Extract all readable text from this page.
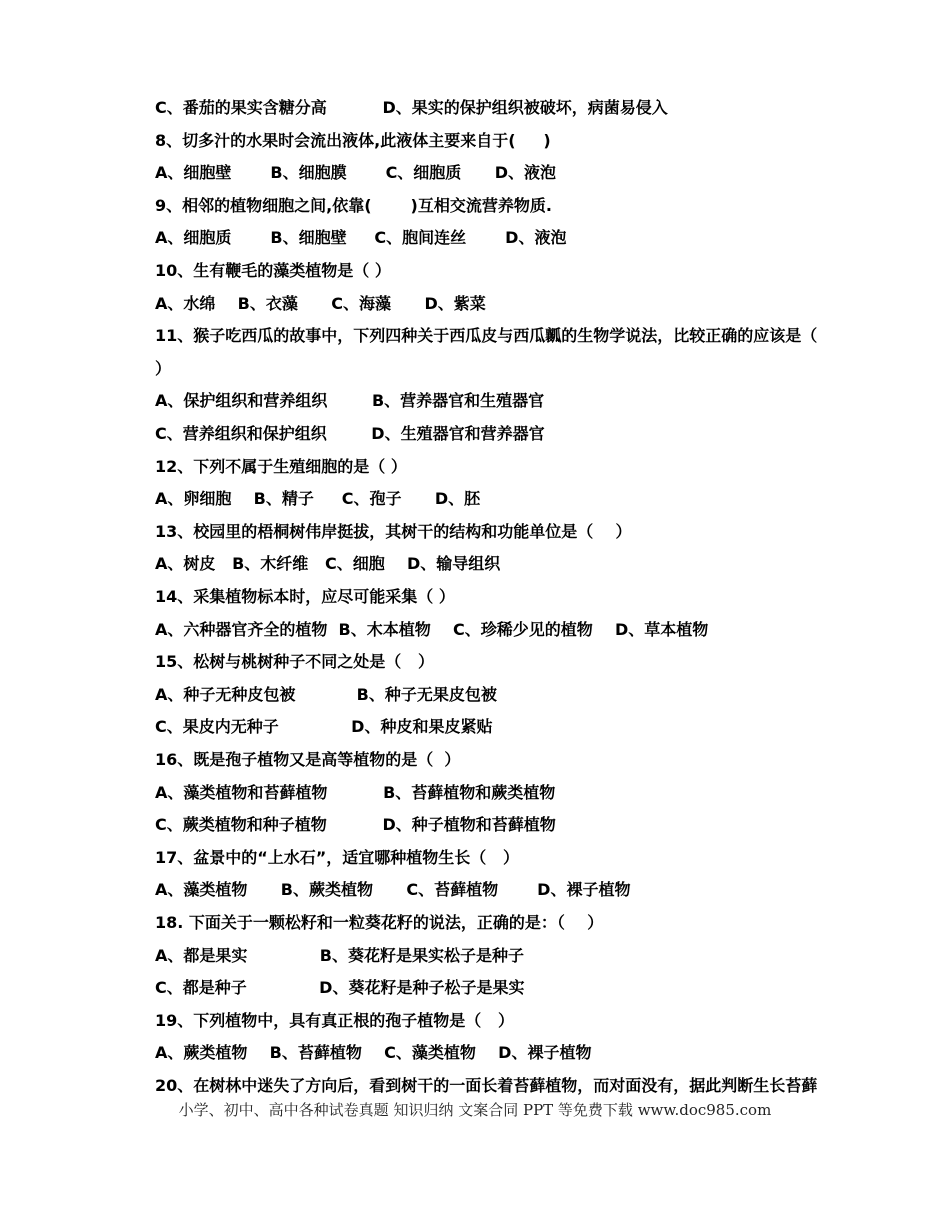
C、番茄的果实含糖分高          D、果实的保护组织被破坏，病菌易侵入
8、切多汁的水果时会流出液体,此液体主要来自于(     )
A、细胞壁       B、细胞膜       C、细胞质      D、液泡
9、相邻的植物细胞之间,依靠(       )互相交流营养物质.
A、细胞质       B、细胞壁     C、胞间连丝       D、液泡
10、生有鞭毛的藻类植物是（ ）
A、水绵    B、衣藻      C、海藻      D、紫菜
11、猴子吃西瓜的故事中，下列四种关于西瓜皮与西瓜瓤的生物学说法，比较正确的应该是（
）
A、保护组织和营养组织        B、营养器官和生殖器官
C、营养组织和保护组织        D、生殖器官和营养器官
12、下列不属于生殖细胞的是（ ）
A、卵细胞    B、精子     C、孢子      D、胚
13、校园里的梧桐树伟岸挺拔，其树干的结构和功能单位是（    ）
A、树皮   B、木纤维   C、细胞    D、输导组织
14、采集植物标本时，应尽可能采集（ ）
A、六种器官齐全的植物  B、木本植物    C、珍稀少见的植物    D、草本植物
15、松树与桃树种子不同之处是（   ）
A、种子无种皮包被           B、种子无果皮包被
C、果皮内无种子             D、种皮和果皮紧贴
16、既是孢子植物又是高等植物的是（  ）
A、藻类植物和苔藓植物          B、苔藓植物和蕨类植物
C、蕨类植物和种子植物          D、种子植物和苔藓植物
17、盆景中的“上水石”，适宜哪种植物生长（   ）
A、藻类植物      B、蕨类植物      C、苔藓植物       D、裸子植物
18. 下面关于一颗松籽和一粒葵花籽的说法，正确的是：（    ）
A、都是果实             B、葵花籽是果实松子是种子
C、都是种子             D、葵花籽是种子松子是果实
19、下列植物中，具有真正根的孢子植物是（   ）
A、蕨类植物    B、苔藓植物    C、藻类植物    D、裸子植物
20、在树林中迷失了方向后，看到树干的一面长着苔藓植物，而对面没有，据此判断生长苔藓
小学、初中、高中各种试卷真题 知识归纳 文案合同 PPT 等免费下载 www.doc985.com
